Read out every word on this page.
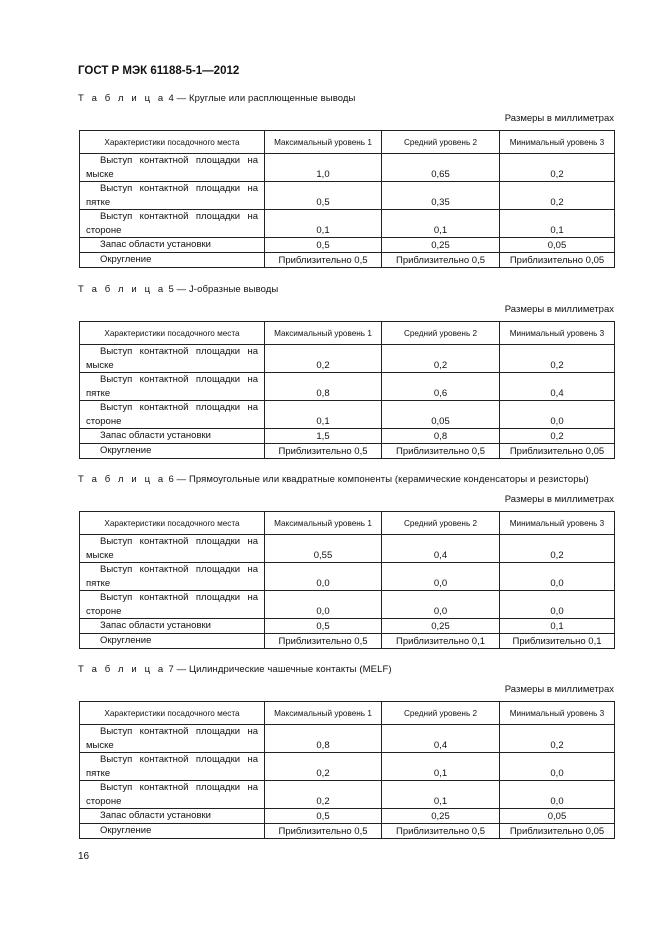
ГОСТ Р МЭК 61188-5-1—2012
Т а б л и ц а 4 — Круглые или расплющенные выводы
Размеры в миллиметрах
Характеристики посадочного места	Максимальный уровень 1	Средний уровень 2	Минимальный уровень 3

Выступ контактной площадки на
мыске	1,0	0,65	0,2

Выступ контактной площадки на
пятке	0,5	0,35	0,2

Выступ контактной площадки на
стороне	0,1	0,1	0,1
Запас области установки	0,5	0,25	0,05
Округление	Приблизительно 0,5	Приблизительно 0,5	Приблизительно 0,05
Т а б л и ц а 5 — J-образные выводы
Размеры в миллиметрах
Характеристики посадочного места	Максимальный уровень 1	Средний уровень 2	Минимальный уровень 3

Выступ контактной площадки на
мыске	0,2	0,2	0,2

Выступ контактной площадки на
пятке	0,8	0,6	0,4

Выступ контактной площадки на
стороне	0,1	0,05	0,0
Запас области установки	1,5	0,8	0,2
Округление	Приблизительно 0,5	Приблизительно 0,5	Приблизительно 0,05
Т а б л и ц а 6 — Прямоугольные или квадратные компоненты (керамические конденсаторы и резисторы)
Размеры в миллиметрах
Характеристики посадочного места	Максимальный уровень 1	Средний уровень 2	Минимальный уровень 3

Выступ контактной площадки на
мыске	0,55	0,4	0,2

Выступ контактной площадки на
пятке	0,0	0,0	0,0

Выступ контактной площадки на
стороне	0,0	0,0	0,0
Запас области установки	0,5	0,25	0,1
Округление	Приблизительно 0,5	Приблизительно 0,1	Приблизительно 0,1
Т а б л и ц а 7 — Цилиндрические чашечные контакты (MELF)
Размеры в миллиметрах
Характеристики посадочного места	Максимальный уровень 1	Средний уровень 2	Минимальный уровень 3

Выступ контактной площадки на
мыске	0,8	0,4	0,2

Выступ контактной площадки на
пятке	0,2	0,1	0,0

Выступ контактной площадки на
стороне	0,2	0,1	0,0
Запас области установки	0,5	0,25	0,05
Округление	Приблизительно 0,5	Приблизительно 0,5	Приблизительно 0,05
16
